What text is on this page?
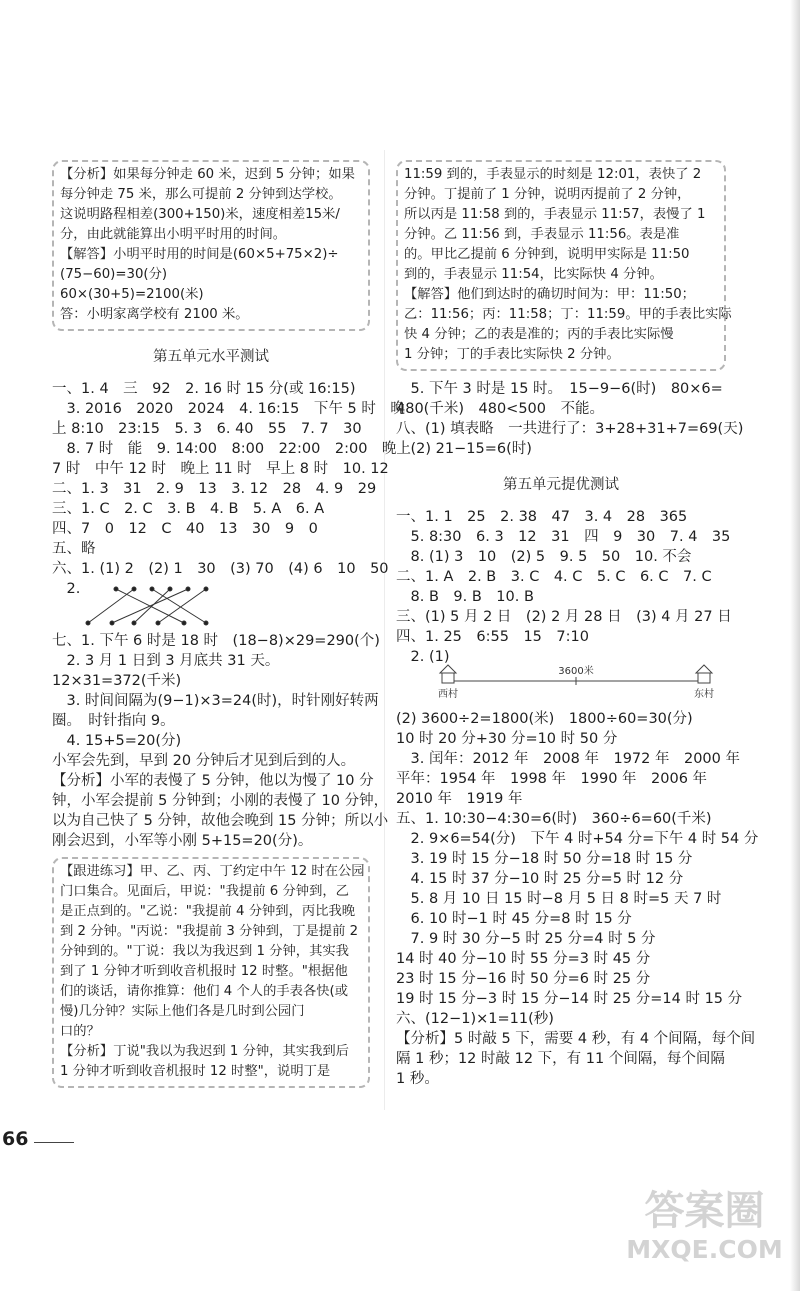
【分析】如果每分钟走 60 米，迟到 5 分钟；如果
每分钟走 75 米，那么可提前 2 分钟到达学校。
这说明路程相差(300+150)米，速度相差15米/
分，由此就能算出小明平时用的时间。
【解答】小明平时用的时间是(60×5+75×2)÷
(75−60)=30(分)
60×(30+5)=2100(米)
答：小明家离学校有 2100 米。
第五单元水平测试
一、1. 4　三　92　2. 16 时 15 分(或 16:15)
　3. 2016　2020　2024　4. 16:15　下午 5 时　晚
上 8:10　23:15　5. 3　6. 40　55　7. 7　30
　8. 7 时　能　9. 14:00　8:00　22:00　2:00　晚上
7 时　中午 12 时　晚上 11 时　早上 8 时　10. 12
二、1. 3　31　2. 9　13　3. 12　28　4. 9　29
三、1. C　2. C　3. B　4. B　5. A　6. A
四、7　0　12　C　40　13　30　9　0
五、略
六、1. (1) 2　(2) 1　30　(3) 70　(4) 6　10　50
　2.
七、1. 下午 6 时是 18 时　(18−8)×29=290(个)
　2. 3 月 1 日到 3 月底共 31 天。
12×31=372(千米)
　3. 时间间隔为(9−1)×3=24(时)，时针刚好转两
圈。　时针指向 9。
　4. 15+5=20(分)
小军会先到，早到 20 分钟后才见到后到的人。
【分析】小军的表慢了 5 分钟，他以为慢了 10 分
钟，小军会提前 5 分钟到；小刚的表慢了 10 分钟，
以为自己快了 5 分钟，故他会晚到 15 分钟；所以小
刚会迟到，小军等小刚 5+15=20(分)。
【跟进练习】甲、乙、丙、丁约定中午 12 时在公园
门口集合。见面后，甲说："我提前 6 分钟到，乙
是正点到的。"乙说："我提前 4 分钟到，丙比我晚
到 2 分钟。"丙说："我提前 3 分钟到，丁是提前 2
分钟到的。"丁说：我以为我迟到 1 分钟，其实我
到了 1 分钟才听到收音机报时 12 时整。"根据他
们的谈话，请你推算：他们 4 个人的手表各快(或
慢)几分钟？实际上他们各是几时到公园门
口的？
【分析】丁说"我以为我迟到 1 分钟，其实我到后
1 分钟才听到收音机报时 12 时整"，说明丁是
11:59 到的，手表显示的时刻是 12:01，表快了 2
分钟。丁提前了 1 分钟，说明丙提前了 2 分钟，
所以丙是 11:58 到的，手表显示 11:57，表慢了 1
分钟。乙 11:56 到，手表显示 11:56。表是准
的。甲比乙提前 6 分钟到，说明甲实际是 11:50
到的，手表显示 11:54，比实际快 4 分钟。
【解答】他们到达时的确切时间为：甲：11:50；
乙：11:56；丙：11:58；丁：11:59。甲的手表比实际
快 4 分钟；乙的表是准的；丙的手表比实际慢
1 分钟；丁的手表比实际快 2 分钟。
　5. 下午 3 时是 15 时。　15−9−6(时)　80×6=
480(千米)　480<500　不能。
八、(1) 填表略　一共进行了：3+28+31+7=69(天)
　(2) 21−15=6(时)
第五单元提优测试
一、1. 1　25　2. 38　47　3. 4　28　365
　5. 8:30　6. 3　12　31　四　9　30　7. 4　35
　8. (1) 3　10　(2) 5　9. 5　50　10. 不会
二、1. A　2. B　3. C　4. C　5. C　6. C　7. C
　8. B　9. B　10. B
三、(1) 5 月 2 日　(2) 2 月 28 日　(3) 4 月 27 日
四、1. 25　6:55　15　7:10
　2. (1)
3600米
西村	东村
(2) 3600÷2=1800(米)　1800÷60=30(分)
10 时 20 分+30 分=10 时 50 分
　3. 闰年：2012 年　2008 年　1972 年　2000 年
平年：1954 年　1998 年　1990 年　2006 年
2010 年　1919 年
五、1. 10:30−4:30=6(时)　360÷6=60(千米)
　2. 9×6=54(分)　下午 4 时+54 分=下午 4 时 54 分
　3. 19 时 15 分−18 时 50 分=18 时 15 分
　4. 15 时 37 分−10 时 25 分=5 时 12 分
　5. 8 月 10 日 15 时−8 月 5 日 8 时=5 天 7 时
　6. 10 时−1 时 45 分=8 时 15 分
　7. 9 时 30 分−5 时 25 分=4 时 5 分
14 时 40 分−10 时 55 分=3 时 45 分
23 时 15 分−16 时 50 分=6 时 25 分
19 时 15 分−3 时 15 分−14 时 25 分=14 时 15 分
六、(12−1)×1=11(秒)
【分析】5 时敲 5 下，需要 4 秒，有 4 个间隔，每个间
隔 1 秒；12 时敲 12 下，有 11 个间隔，每个间隔
1 秒。
66
答案圈
MXQE.COM
